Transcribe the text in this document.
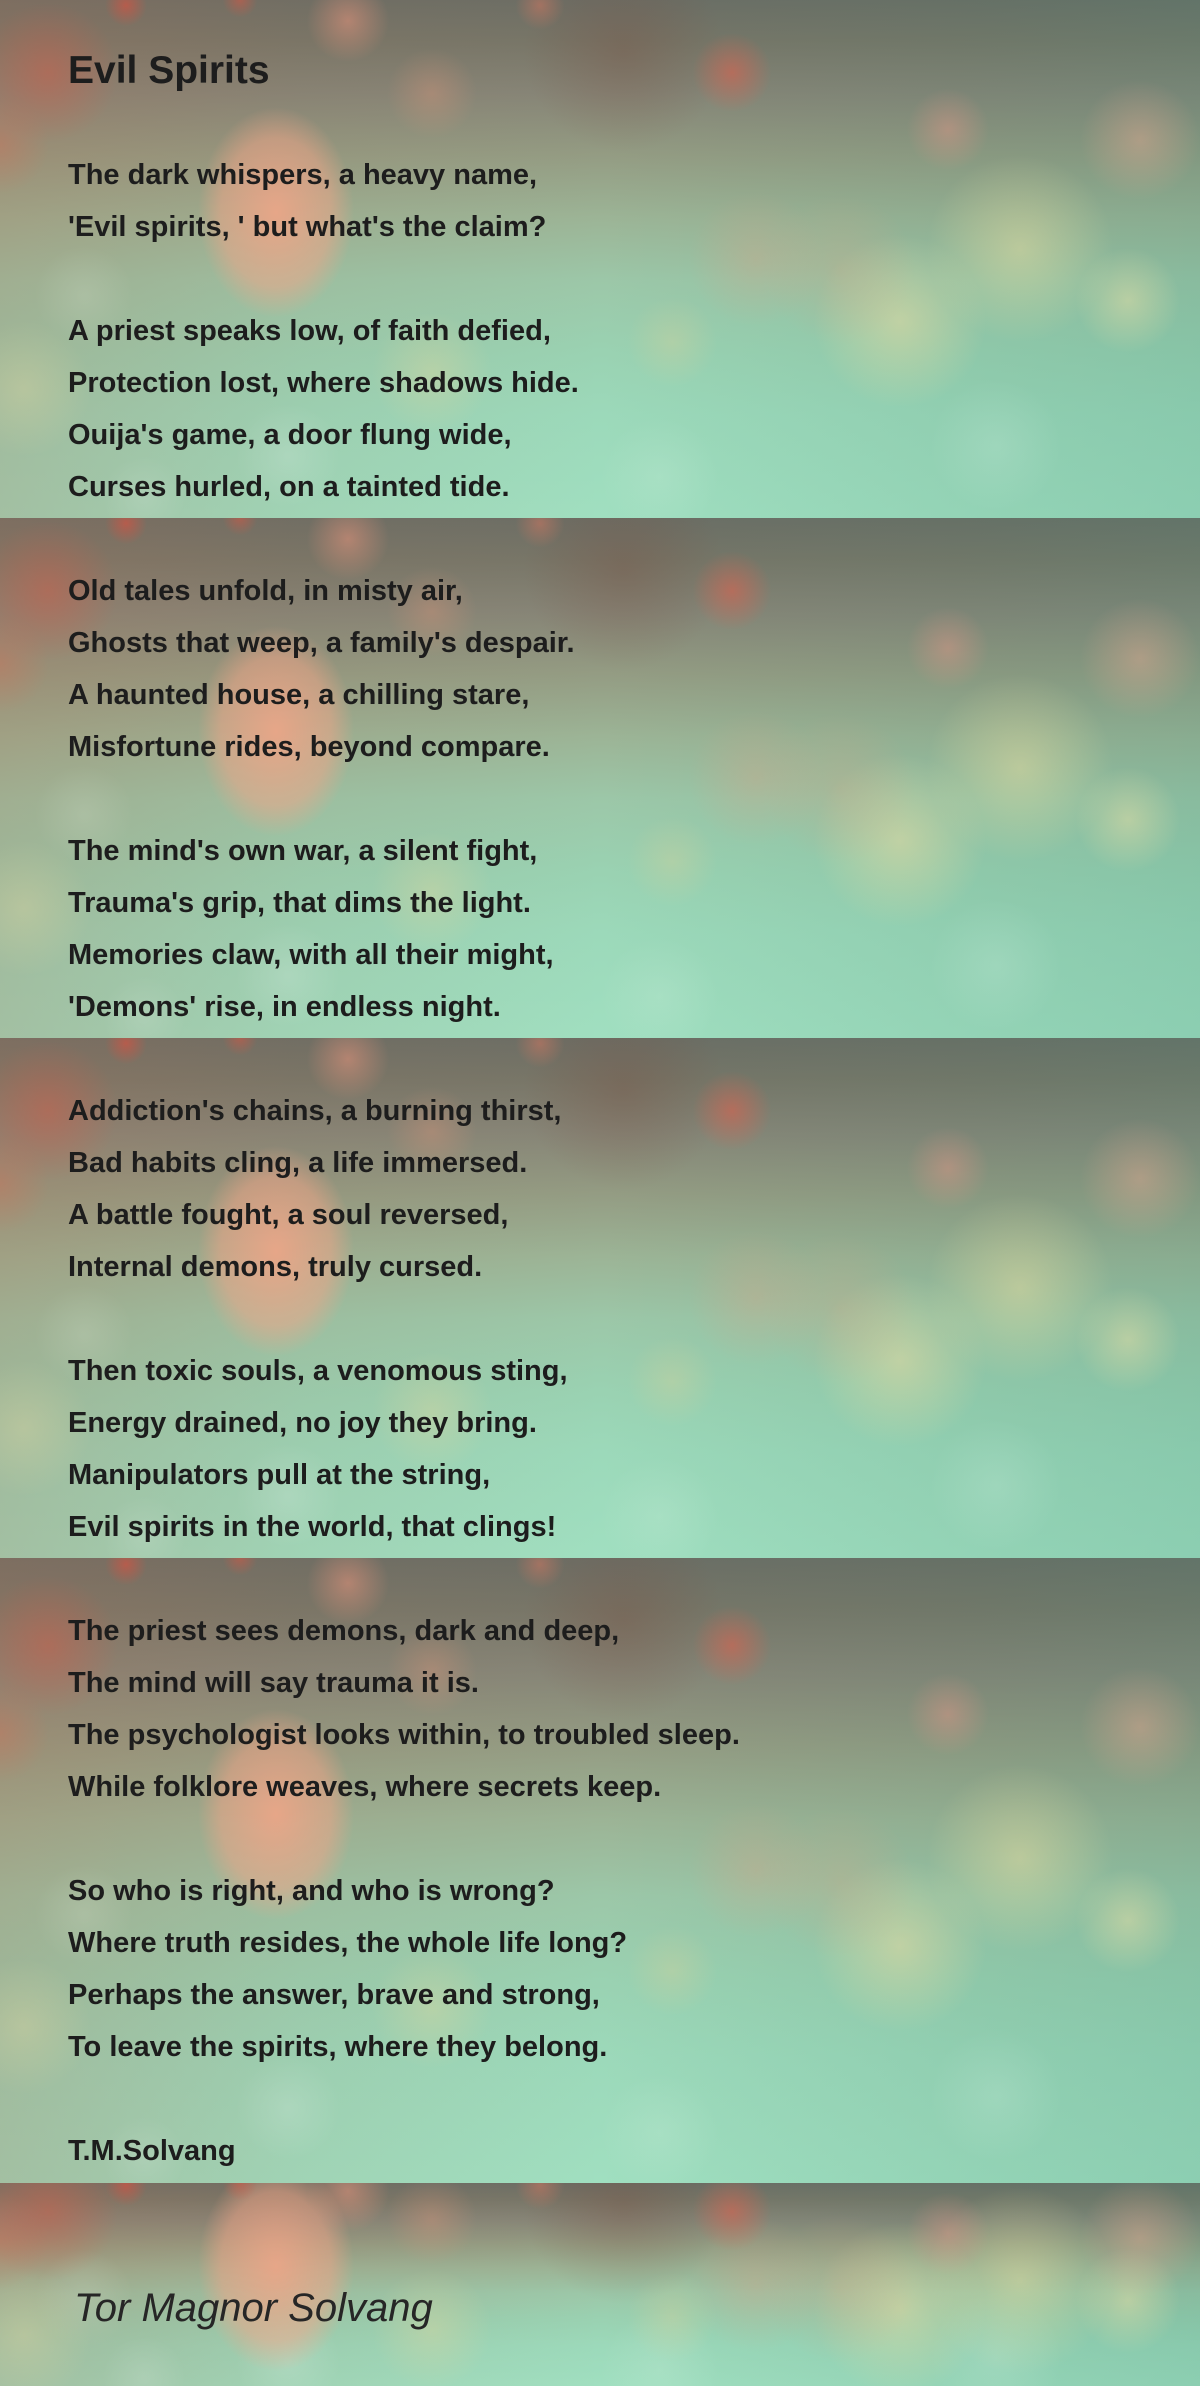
Evil Spirits
The dark whispers, a heavy name,
'Evil spirits, ' but what's the claim?
A priest speaks low, of faith defied,
Protection lost, where shadows hide.
Ouija's game, a door flung wide,
Curses hurled, on a tainted tide.
Old tales unfold, in misty air,
Ghosts that weep, a family's despair.
A haunted house, a chilling stare,
Misfortune rides, beyond compare.
The mind's own war, a silent fight,
Trauma's grip, that dims the light.
Memories claw, with all their might,
'Demons' rise, in endless night.
Addiction's chains, a burning thirst,
Bad habits cling, a life immersed.
A battle fought, a soul reversed,
Internal demons, truly cursed.
Then toxic souls, a venomous sting,
Energy drained, no joy they bring.
Manipulators pull at the string,
Evil spirits in the world, that clings!
The priest sees demons, dark and deep,
The mind will say trauma it is.
The psychologist looks within, to troubled sleep.
While folklore weaves, where secrets keep.
So who is right, and who is wrong?
Where truth resides, the whole life long?
Perhaps the answer, brave and strong,
To leave the spirits, where they belong.
T.M.Solvang
Tor Magnor Solvang
